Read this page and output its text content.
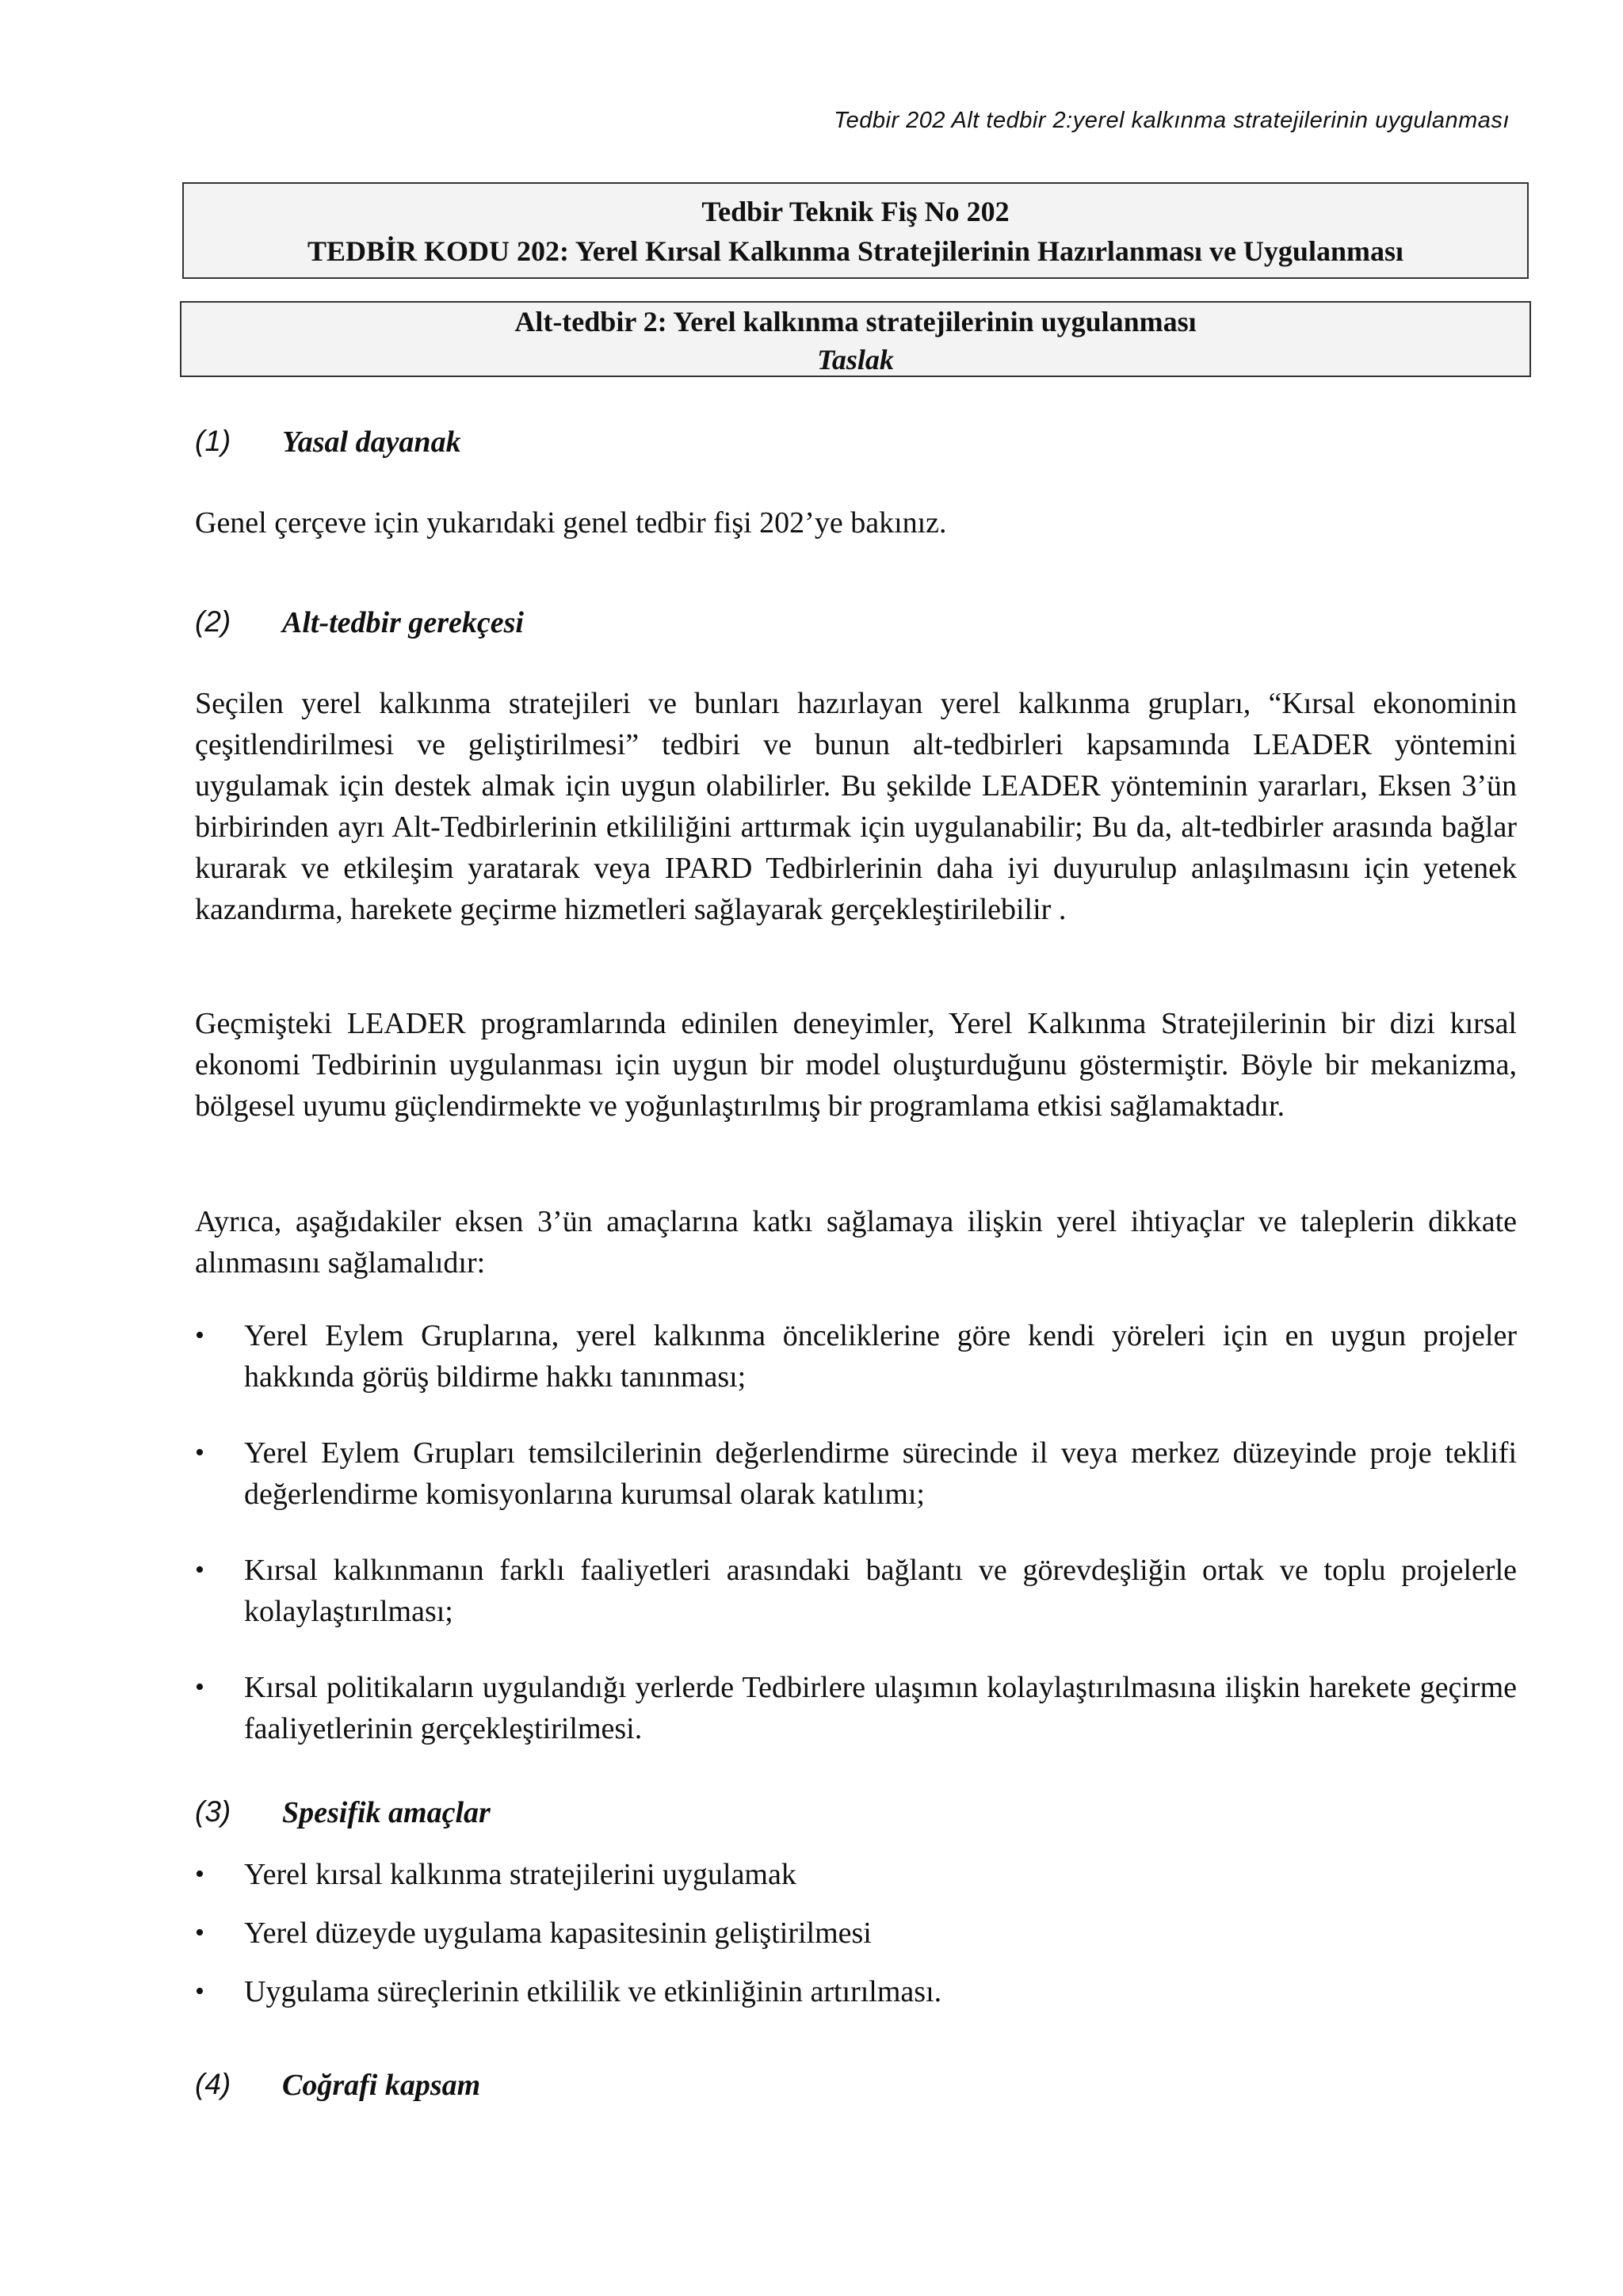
Tedbir 202 Alt tedbir 2:yerel kalkınma stratejilerinin uygulanması
Tedbir Teknik Fiş No 202
TEDBİR KODU 202: Yerel Kırsal Kalkınma Stratejilerinin Hazırlanması ve Uygulanması
Alt-tedbir 2: Yerel kalkınma stratejilerinin uygulanması
Taslak
(1)	Yasal dayanak

Genel çerçeve için yukarıdaki genel tedbir fişi 202’ye bakınız.

(2)	Alt-tedbir gerekçesi

Seçilen yerel kalkınma stratejileri ve bunları hazırlayan yerel kalkınma grupları, “Kırsal ekonominin çeşitlendirilmesi ve geliştirilmesi” tedbiri ve bunun alt-tedbirleri kapsamında LEADER yöntemini uygulamak için destek almak için uygun olabilirler. Bu şekilde LEADER yönteminin yararları, Eksen 3’ün birbirinden ayrı Alt-Tedbirlerinin etkililiğini arttırmak için uygulanabilir; Bu da, alt-tedbirler arasında bağlar kurarak ve etkileşim yaratarak veya IPARD Tedbirlerinin daha iyi duyurulup anlaşılmasını için yetenek kazandırma, harekete geçirme hizmetleri sağlayarak gerçekleştirilebilir .

Geçmişteki LEADER programlarında edinilen deneyimler, Yerel Kalkınma Stratejilerinin bir dizi kırsal ekonomi Tedbirinin uygulanması için uygun bir model oluşturduğunu göstermiştir. Böyle bir mekanizma, bölgesel uyumu güçlendirmekte ve yoğunlaştırılmış bir programlama etkisi sağlamaktadır.

Ayrıca, aşağıdakiler eksen 3’ün amaçlarına katkı sağlamaya ilişkin yerel ihtiyaçlar ve taleplerin dikkate alınmasını sağlamalıdır:

• Yerel Eylem Gruplarına, yerel kalkınma önceliklerine göre kendi yöreleri için en uygun projeler hakkında görüş bildirme hakkı tanınması;
• Yerel Eylem Grupları temsilcilerinin değerlendirme sürecinde il veya merkez düzeyinde proje teklifi değerlendirme komisyonlarına kurumsal olarak katılımı;
• Kırsal kalkınmanın farklı faaliyetleri arasındaki bağlantı ve görevdeşliğin ortak ve toplu projelerle kolaylaştırılması;
• Kırsal politikaların uygulandığı yerlerde Tedbirlere ulaşımın kolaylaştırılmasına ilişkin harekete geçirme faaliyetlerinin gerçekleştirilmesi.
(3)	Spesifik amaçlar
• Yerel kırsal kalkınma stratejilerini uygulamak
• Yerel düzeyde uygulama kapasitesinin geliştirilmesi
• Uygulama süreçlerinin etkililik ve etkinliğinin artırılması.
(4)	Coğrafi kapsam
